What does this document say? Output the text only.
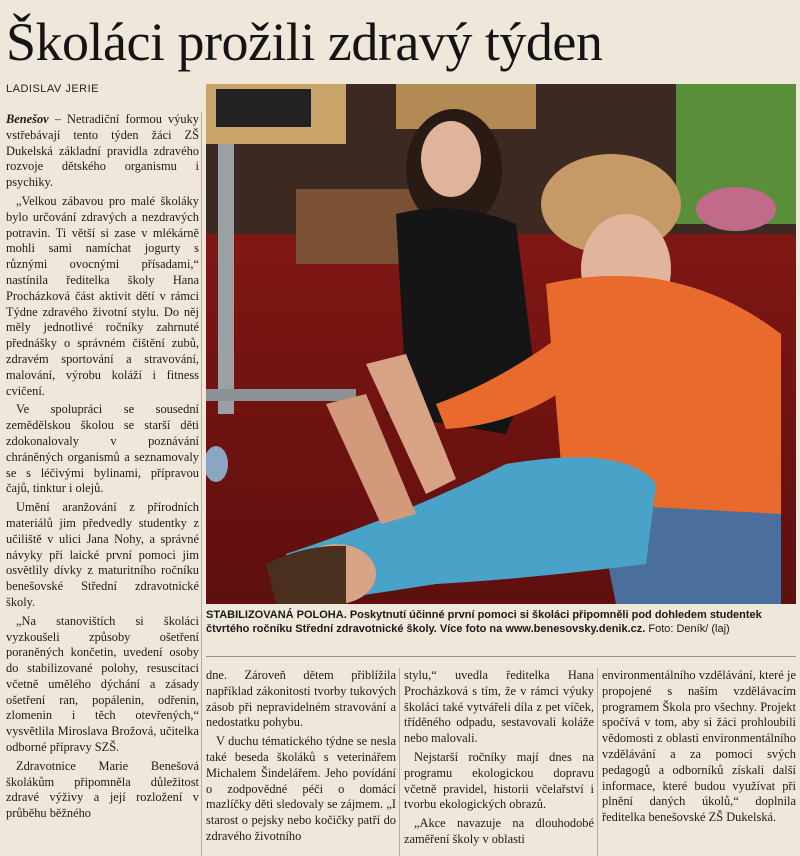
Školáci prožili zdravý týden
LADISLAV JERIE

Benešov – Netradiční formou výuky vstřebávají tento týden žáci ZŠ Dukelská základní pravidla zdravého rozvoje dětského organismu i psychiky.

„Velkou zábavou pro malé školáky bylo určování zdravých a nezdravých potravin. Ti větší si zase v mlékárně mohli sami namíchat jogurty s různými ovocnými přísadami,“ nastínila ředitelka školy Hana Procházková část aktivit dětí v rámci Týdne zdravého životní stylu. Do něj měly jednotlivé ročníky zahrnuté přednášky o správném čištění zubů, zdravém sportování a stravování, malování, výrobu koláží i fitness cvičení.

Ve spolupráci se sousední zemědělskou školou se starší děti zdokonalovaly v poznávání chráněných organismů a seznamovaly se s léčivými bylinami, přípravou čajů, tinktur i olejů.

Umění aranžování z přírodních materiálů jim předvedly studentky z učiliště v ulici Jana Nohy, a správné návyky při laické první pomoci jim osvětlily dívky z maturitního ročníku benešovské Střední zdravotnické školy.

„Na stanovištích si školáci vyzkoušeli způsoby ošetření poraněných končetin, uvedení osoby do stabilizované polohy, resuscitaci včetně umělého dýchání a zásady ošetření ran, popálenin, odřenin, zlomenin i těch otevřených,“ vysvětlila Miroslava Brožová, učitelka odborné přípravy SZŠ.

Zdravotnice Marie Benešová školákům připomněla důležitost zdravé výživy a její rozložení v průběhu běžného

STABILIZOVANÁ POLOHA. Poskytnutí účinné první pomoci si školáci připomněli pod dohledem studentek čtvrtého ročníku Střední zdravotnické školy. Více foto na www.benesovsky.denik.cz. Foto: Deník/ (laj)

dne. Zároveň dětem přiblížila například zákonitosti tvorby tukových zásob při nepravidelném stravování a nedostatku pohybu.

V duchu tématického týdne se nesla také beseda školáků s veterinářem Michalem Šindelářem. Jeho povídání o zodpovědné péči o domácí mazlíčky děti sledovaly se zájmem. „I starost o pejsky nebo kočičky patří do zdravého životního

stylu,“ uvedla ředitelka Hana Procházková s tím, že v rámci výuky školáci také vytvářeli díla z pet víček, tříděného odpadu, sestavovali koláže nebo malovali.

Nejstarší ročníky mají dnes na programu ekologickou dopravu včetně pravidel, historii včelařství i tvorbu ekologických obrazů.

„Akce navazuje na dlouhodobé zaměření školy v oblasti

environmentálního vzdělávání, které je propojené s naším vzdělávacím programem Škola pro všechny. Projekt spočívá v tom, aby si žáci prohloubili vědomosti z oblasti environmentálního vzdělávání a za pomoci svých pedagogů a odborníků získali další informace, které budou využívat při plnění daných úkolů,“ doplnila ředitelka benešovské ZŠ Dukelská.
